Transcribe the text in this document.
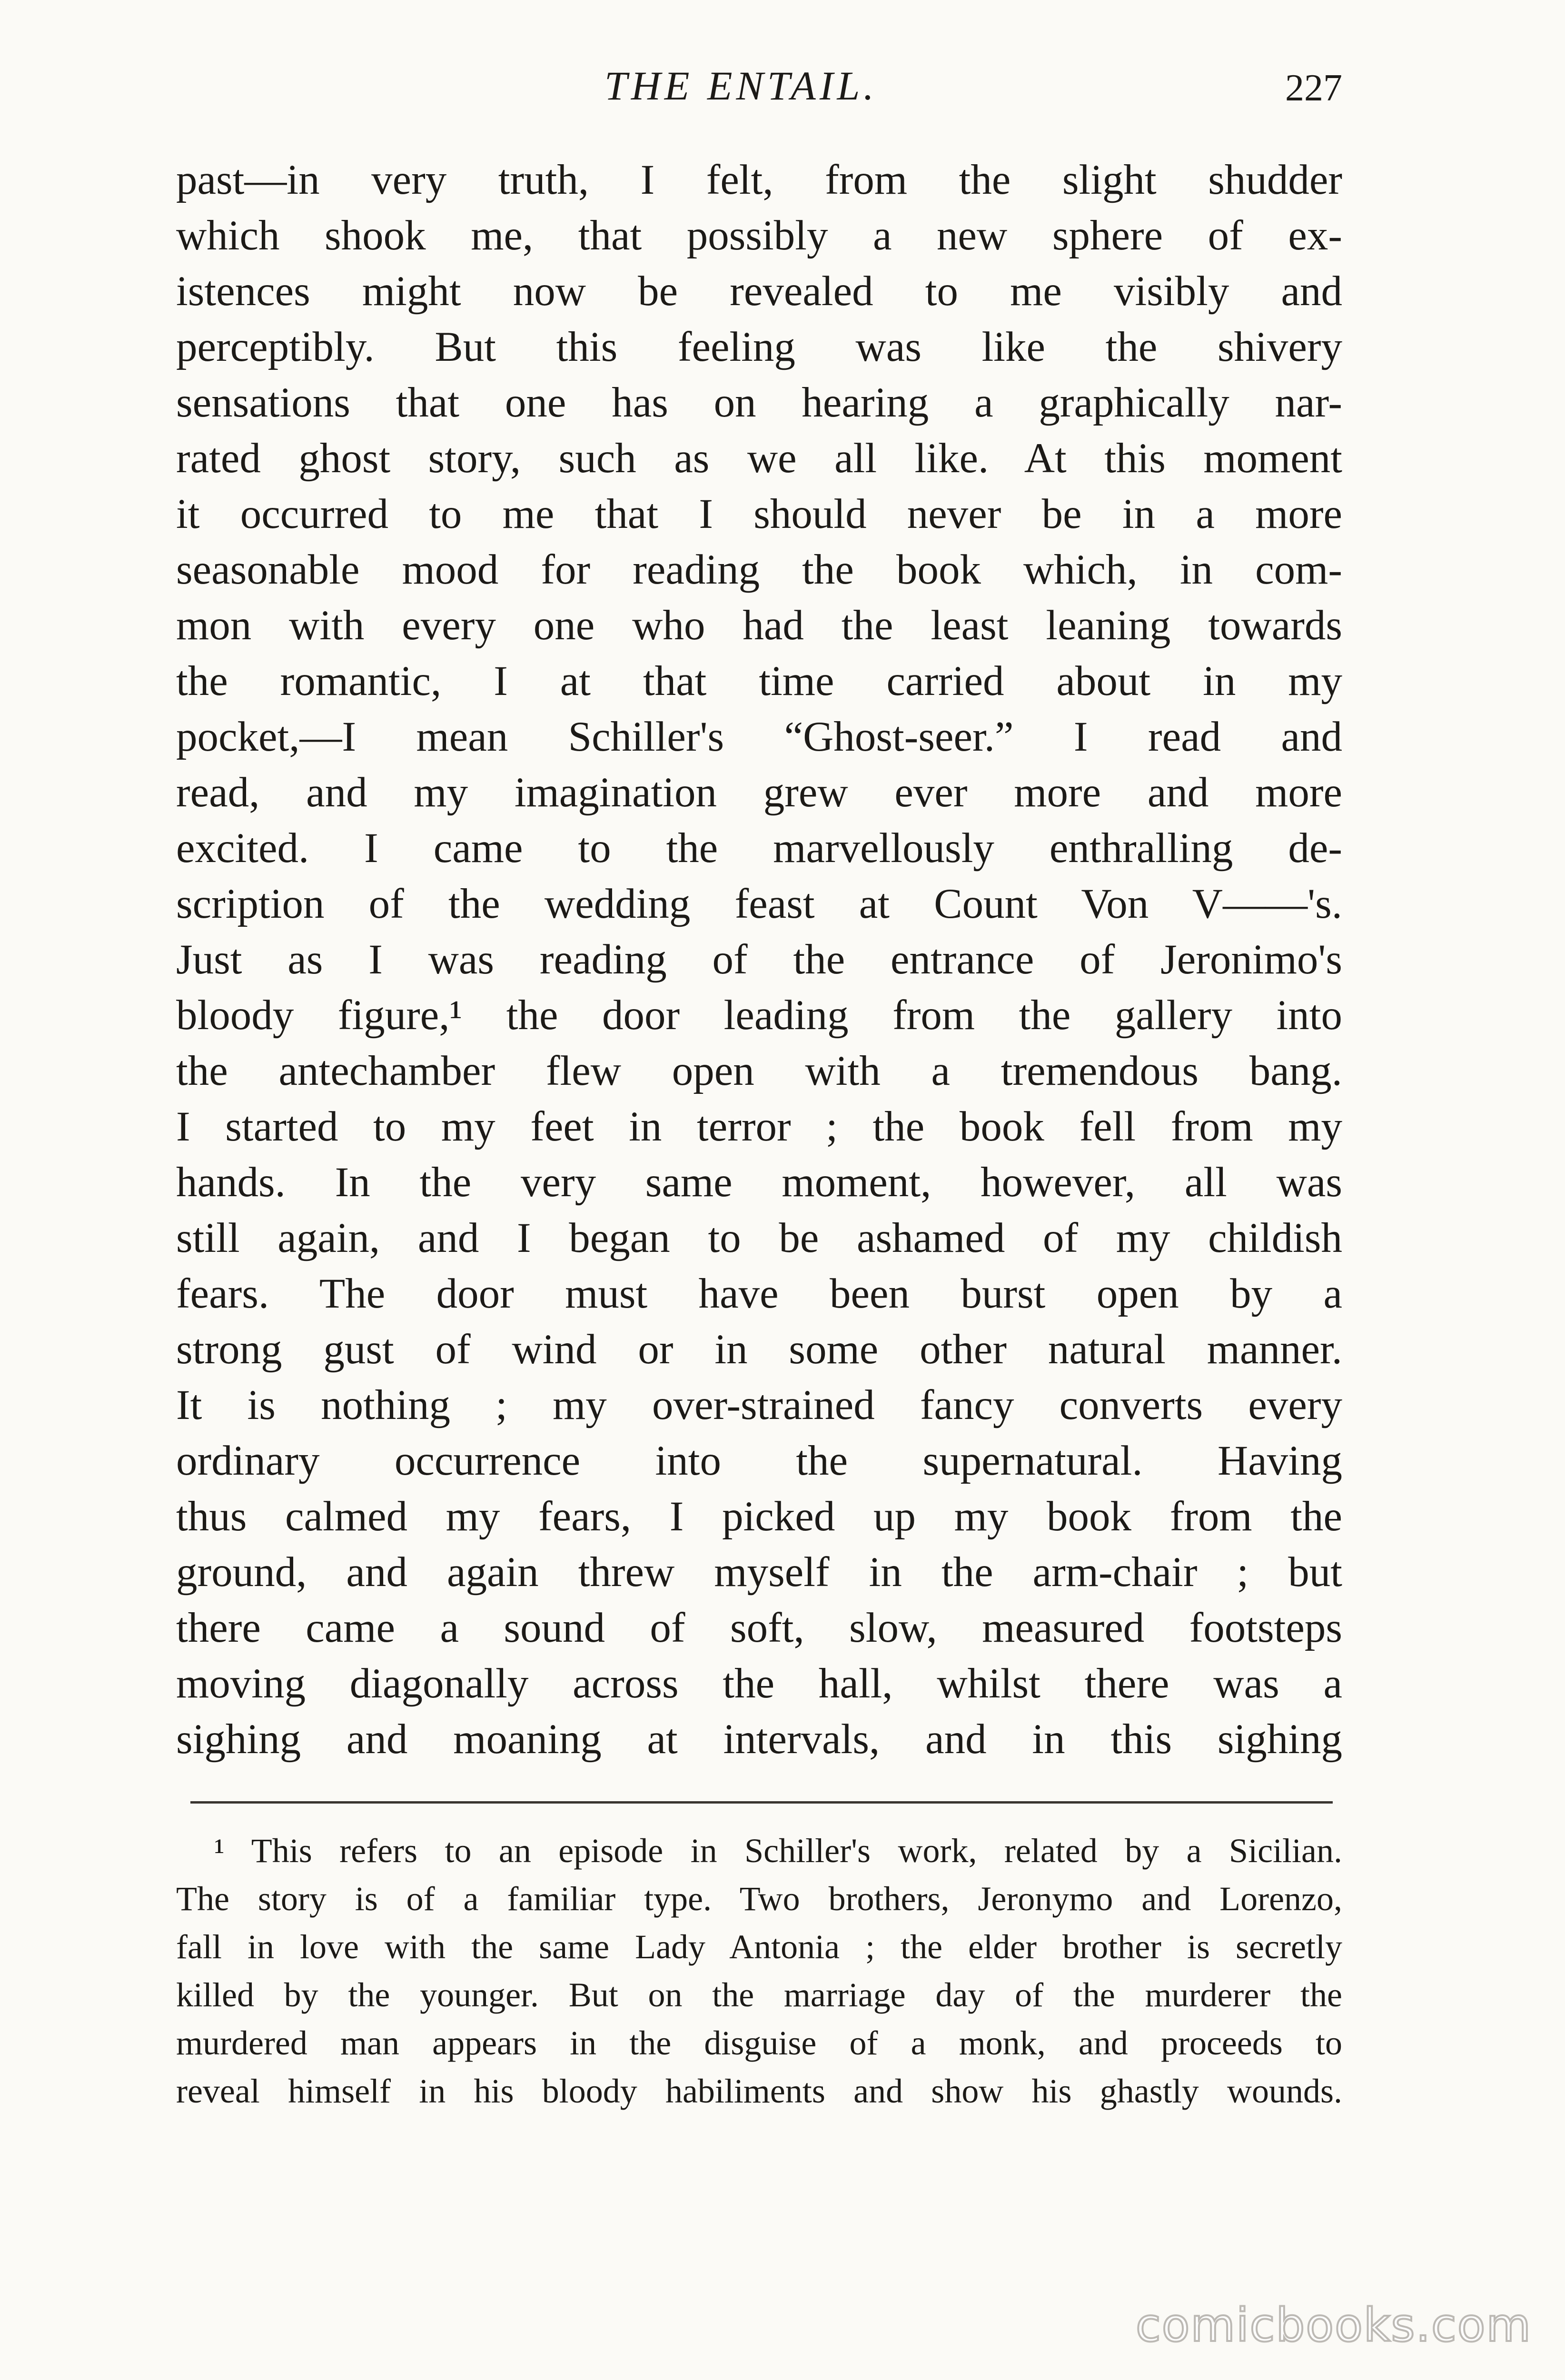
THE ENTAIL.	227
past—in very truth, I felt, from the slight shudder
which shook me, that possibly a new sphere of ex-
istences might now be revealed to me visibly and
perceptibly. But this feeling was like the shivery
sensations that one has on hearing a graphically nar-
rated ghost story, such as we all like. At this moment
it occurred to me that I should never be in a more
seasonable mood for reading the book which, in com-
mon with every one who had the least leaning towards
the romantic, I at that time carried about in my
pocket,—I mean Schiller's “Ghost-seer.” I read and
read, and my imagination grew ever more and more
excited. I came to the marvellously enthralling de-
scription of the wedding feast at Count Von V——'s.
Just as I was reading of the entrance of Jeronimo's
bloody figure,¹ the door leading from the gallery into
the antechamber flew open with a tremendous bang.
I started to my feet in terror ; the book fell from my
hands. In the very same moment, however, all was
still again, and I began to be ashamed of my childish
fears. The door must have been burst open by a
strong gust of wind or in some other natural manner.
It is nothing ; my over-strained fancy converts every
ordinary occurrence into the supernatural. Having
thus calmed my fears, I picked up my book from the
ground, and again threw myself in the arm-chair ; but
there came a sound of soft, slow, measured footsteps
moving diagonally across the hall, whilst there was a
sighing and moaning at intervals, and in this sighing
¹ This refers to an episode in Schiller's work, related by a Sicilian.
The story is of a familiar type. Two brothers, Jeronymo and Lorenzo,
fall in love with the same Lady Antonia ; the elder brother is secretly
killed by the younger. But on the marriage day of the murderer the
murdered man appears in the disguise of a monk, and proceeds to
reveal himself in his bloody habiliments and show his ghastly wounds.
comicbooks.com
